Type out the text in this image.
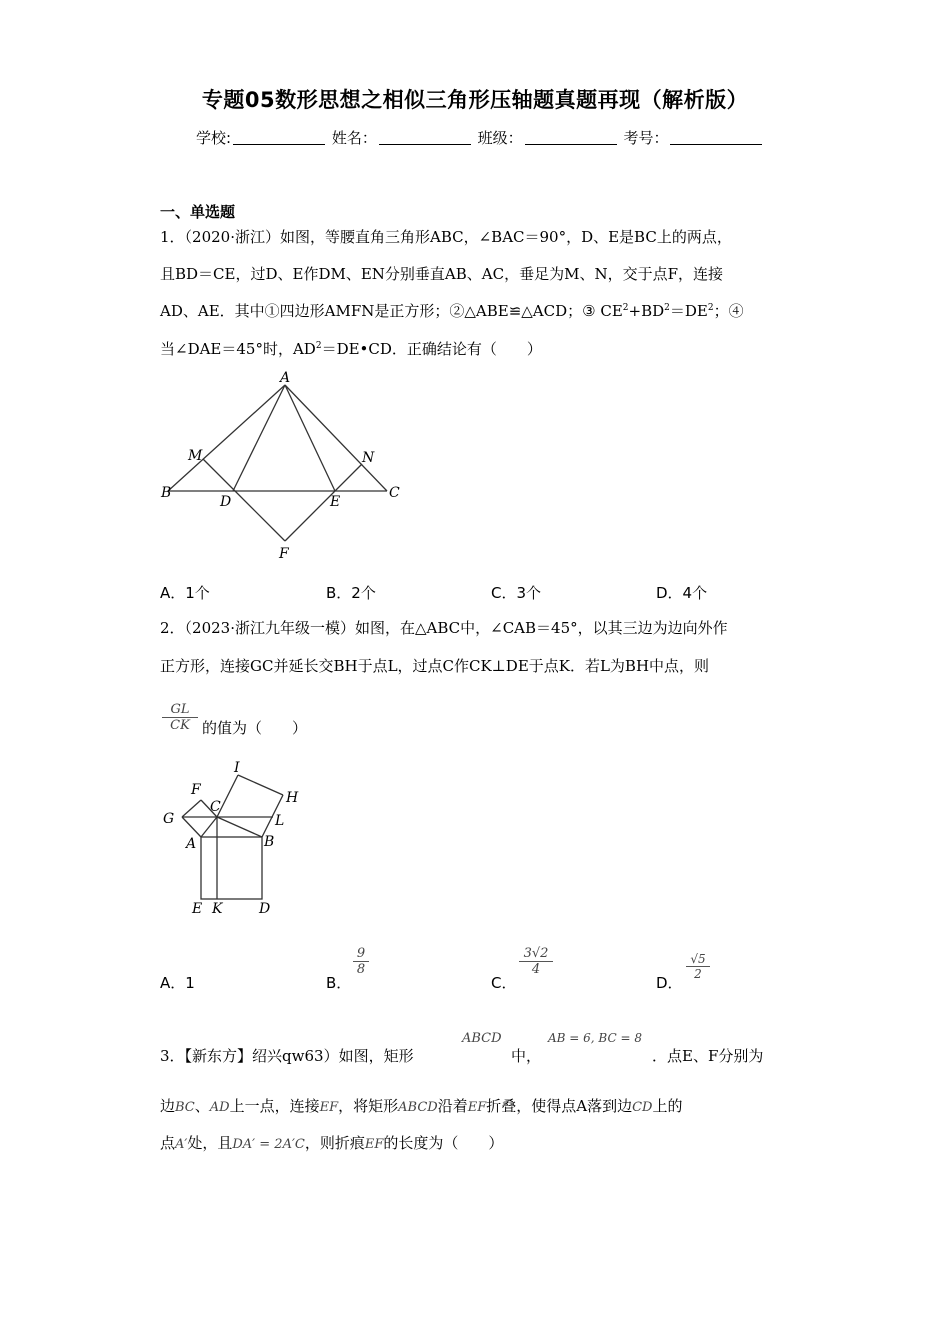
专题05数形思想之相似三角形压轴题真题再现（解析版）
学校:	姓名：	班级：	考号：
一、单选题
1．（2020·浙江）如图，等腰直角三角形ABC，∠BAC＝90°，D、E是BC上的两点，
且BD＝CE，过D、E作DM、EN分别垂直AB、AC，垂足为M、N，交于点F，连接
AD、AE．其中①四边形AMFN是正方形；②△ABE≌△ACD；③ $CE^2+BD^2=DE^2$；④
当∠DAE＝45°时，$AD^2=DE•CD$．正确结论有（　　）
A
M	N
B
D	E
C
F
A．1个	B．2个	C．3个	D．4个
2．（2023·浙江九年级一模）如图，在△ABC中，∠CAB＝45°，以其三边为边向外作
正方形，连接GC并延长交BH于点L，过点C作CK⊥DE于点K．若L为BH中点，则
$\frac{GL}{CK}$ 的值为（　　）
I
F	H
G
C
L
A	B
E K	D
A．1	B．
$\frac{9}{8}$
C．
$\frac{3√2}{4}$
D．
$\frac{√5}{2}$
3．【新东方】绍兴qw63）如图，矩形
ABCD
中，
AB = 6, BC = 8
．点E、F分别为
边BC、AD上一点，连接EF，将矩形ABCD沿着EF折叠，使得点A落到边CD上的
点A′处，且DA′ = 2A′C，则折痕EF的长度为（　　）
